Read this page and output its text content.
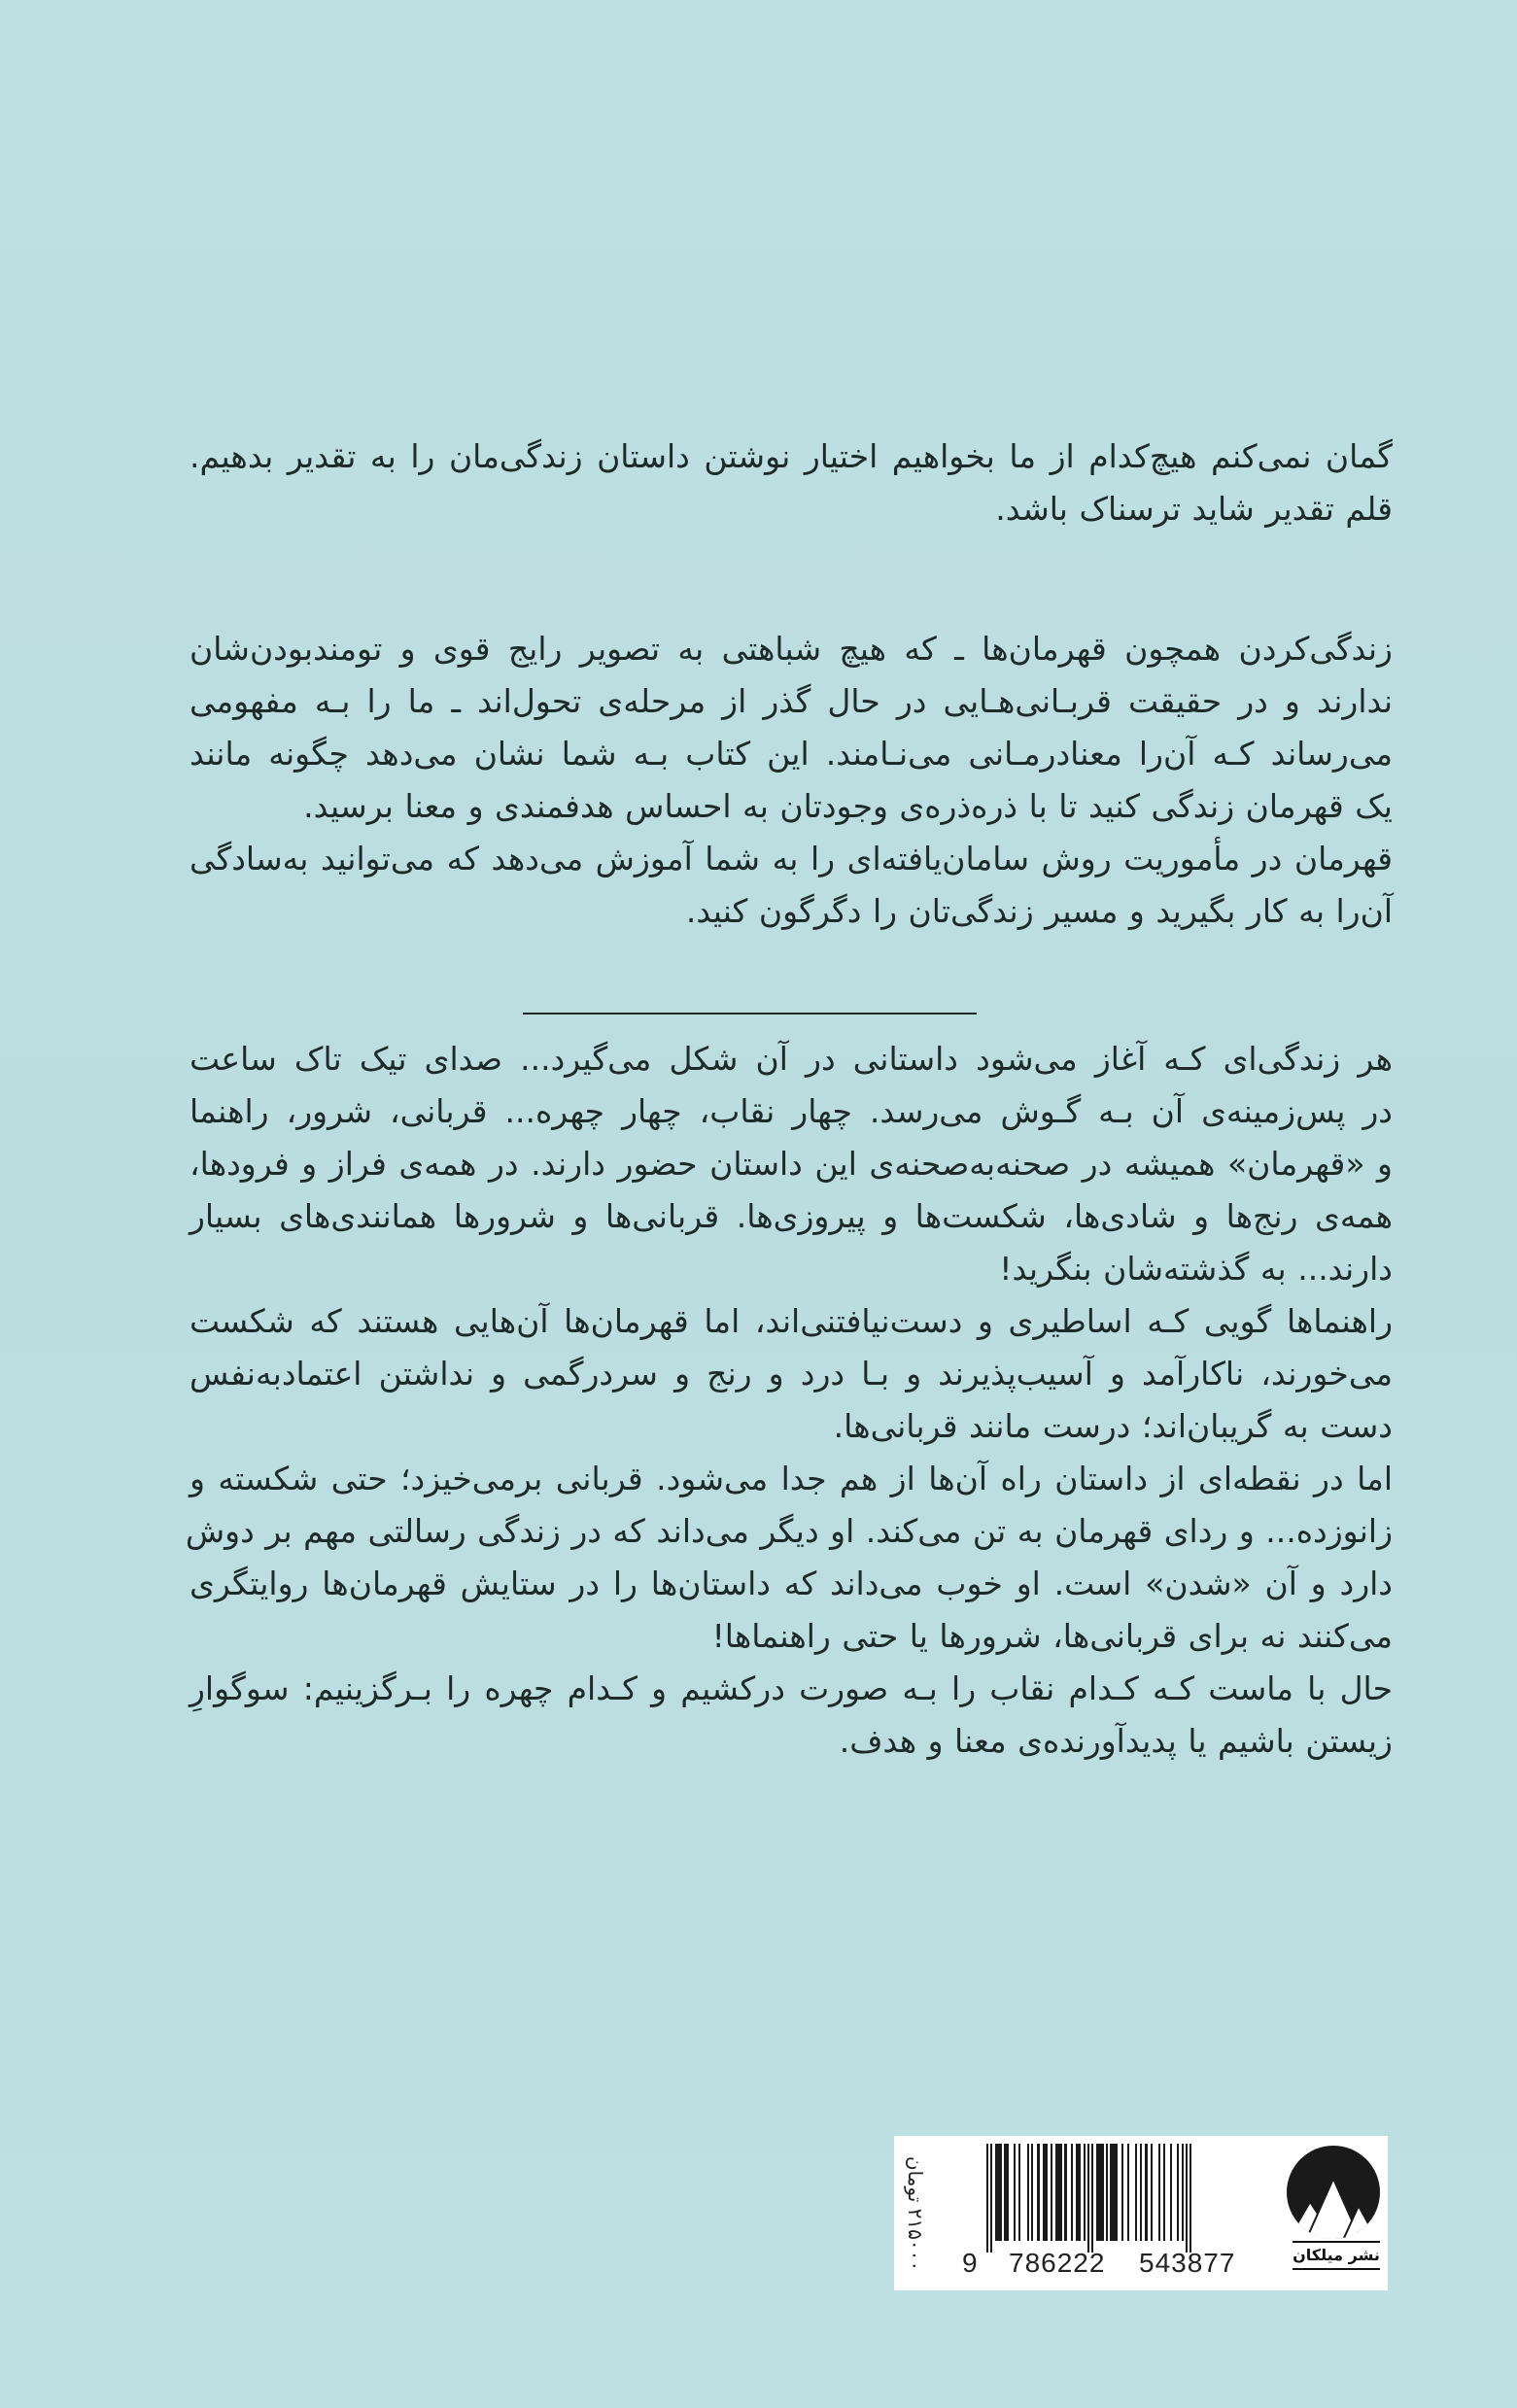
گمان نمی‌کنم هیچ‌کدام از ما بخواهیم اختیار نوشتن داستان زندگی‌مان را به تقدیر بدهیم.
قلم تقدیر شاید ترسناک باشد.
زندگی‌کردن همچون قهرمان‌ها ـ که هیچ شباهتی به تصویر رایج قوی و تومندبودن‌شان
ندارند و در حقیقت قربـانی‌هـایی در حال گذر از مرحله‌ی تحول‌اند ـ ما را بـه مفهومی
می‌رساند کـه آن‌را معنادرمـانی می‌نـامند. این کتاب بـه شما نشان می‌دهد چگونه مانند
یک قهرمان زندگی کنید تا با ذره‌ذره‌ی وجودتان به احساس هدفمندی و معنا برسید.
قهرمان در مأموریت روش سامان‌یافته‌ای را به شما آموزش می‌دهد که می‌توانید به‌سادگی
آن‌را به کار بگیرید و مسیر زندگی‌تان را دگرگون کنید.
هر زندگی‌ای کـه آغاز می‌شود داستانی در آن شکل می‌گیرد... صدای تیک تاک ساعت
در پس‌زمینه‌ی آن بـه گـوش می‌رسد. چهار نقاب، چهار چهره... قربانی، شرور، راهنما
و «قهرمان» همیشه در صحنه‌به‌صحنه‌ی این داستان حضور دارند. در همه‌ی فراز و فرودها،
همه‌ی رنج‌ها و شادی‌ها، شکست‌ها و پیروزی‌ها. قربانی‌ها و شرورها همانندی‌های بسیار
دارند... به گذشته‌شان بنگرید!
راهنماها گویی کـه اساطیری و دست‌نیافتنی‌اند، اما قهرمان‌ها آن‌هایی هستند که شکست
می‌خورند، ناکارآمد و آسیب‌پذیرند و بـا درد و رنج و سردرگمی و نداشتن اعتمادبه‌نفس
دست به گریبان‌اند؛ درست مانند قربانی‌ها.
اما در نقطه‌ای از داستان راه آن‌ها از هم جدا می‌شود. قربانی برمی‌خیزد؛ حتی شکسته و
زانوزده... و ردای قهرمان به تن می‌کند. او دیگر می‌داند که در زندگی رسالتی مهم بر دوش
دارد و آن «شدن» است. او خوب می‌داند که داستان‌ها را در ستایش قهرمان‌ها روایتگری
می‌کنند نه برای قربانی‌ها، شرورها یا حتی راهنماها!
حال با ماست کـه کـدام نقاب را بـه صورت درکشیم و کـدام چهره را بـرگزینیم: سوگوارِ
زیستن باشیم یا پدیدآورنده‌ی معنا و هدف.
۲۱۵۰۰۰ تومان 9 786222 543877	نشر میلکان
